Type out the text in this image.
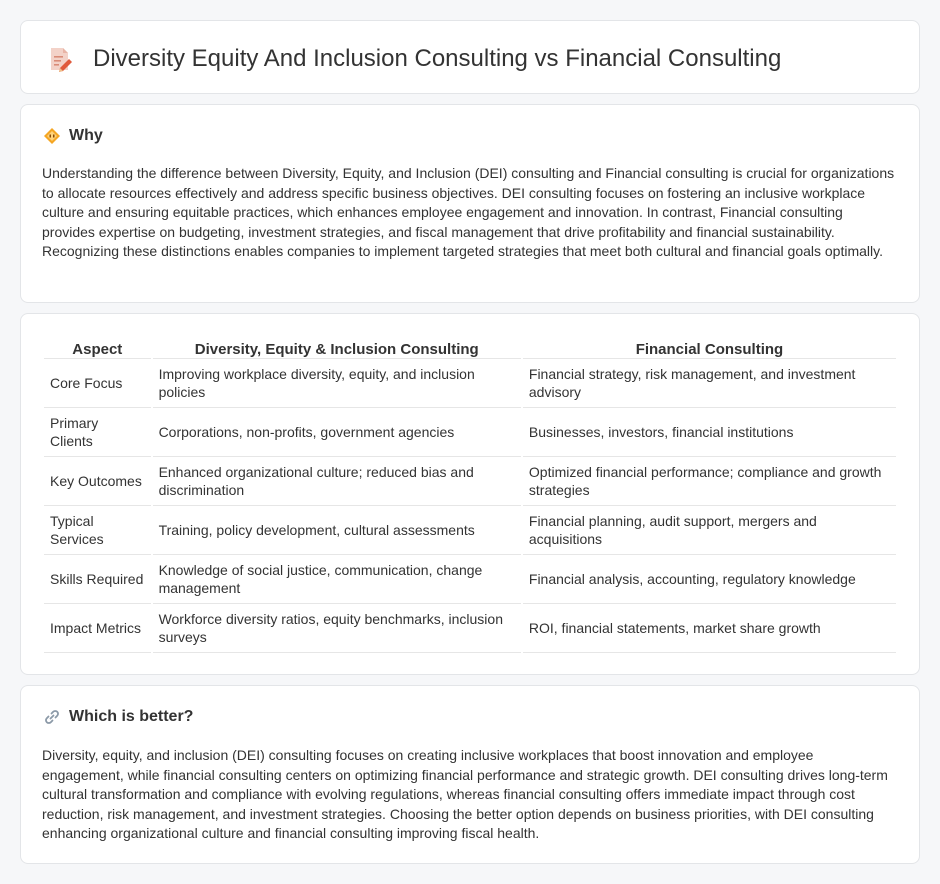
Diversity Equity And Inclusion Consulting vs Financial Consulting
Why

Understanding the difference between Diversity, Equity, and Inclusion (DEI) consulting and Financial consulting is crucial for organizations to allocate resources effectively and address specific business objectives. DEI consulting focuses on fostering an inclusive workplace culture and ensuring equitable practices, which enhances employee engagement and innovation. In contrast, Financial consulting provides expertise on budgeting, investment strategies, and fiscal management that drive profitability and financial sustainability. Recognizing these distinctions enables companies to implement targeted strategies that meet both cultural and financial goals optimally.

Aspect	Diversity, Equity & Inclusion Consulting	Financial Consulting
Core Focus	Improving workplace diversity, equity, and inclusion policies	Financial strategy, risk management, and investment advisory
Primary Clients	Corporations, non-profits, government agencies	Businesses, investors, financial institutions
Key Outcomes	Enhanced organizational culture; reduced bias and discrimination	Optimized financial performance; compliance and growth strategies
Typical Services	Training, policy development, cultural assessments	Financial planning, audit support, mergers and acquisitions
Skills Required	Knowledge of social justice, communication, change management	Financial analysis, accounting, regulatory knowledge
Impact Metrics	Workforce diversity ratios, equity benchmarks, inclusion surveys	ROI, financial statements, market share growth
Which is better?

Diversity, equity, and inclusion (DEI) consulting focuses on creating inclusive workplaces that boost innovation and employee engagement, while financial consulting centers on optimizing financial performance and strategic growth. DEI consulting drives long-term cultural transformation and compliance with evolving regulations, whereas financial consulting offers immediate impact through cost reduction, risk management, and investment strategies. Choosing the better option depends on business priorities, with DEI consulting enhancing organizational culture and financial consulting improving fiscal health.
